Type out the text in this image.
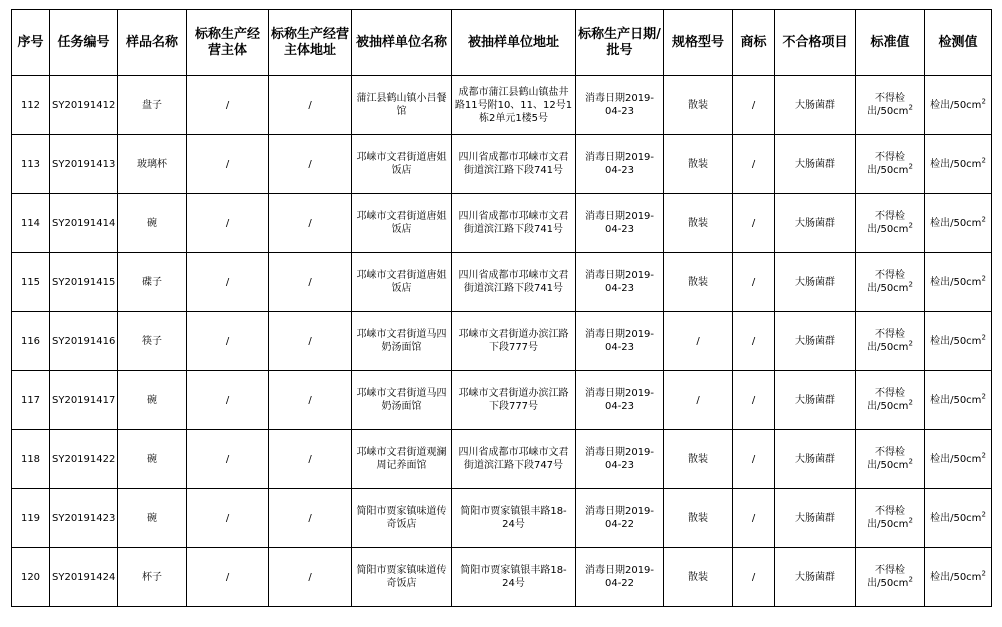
序号	任务编号	样品名称	标称生产经营主体	标称生产经营主体地址	被抽样单位名称	被抽样单位地址	标称生产日期/批号	规格型号	商标	不合格项目	标准值	检测值
112	SY20191412	盘子	/	/	蒲江县鹤山镇小吕餐馆	成都市蒲江县鹤山镇盐井路11号附10、11、12号1栋2单元1楼5号	消毒日期2019-04-23	散装	/	大肠菌群	不得检出$/50cm^2$	检出$/50cm^2$
113	SY20191413	玻璃杯	/	/	邛崃市文君街道唐姐饭店	四川省成都市邛崃市文君街道滨江路下段741号	消毒日期2019-04-23	散装	/	大肠菌群	不得检出$/50cm^2$	检出$/50cm^2$
114	SY20191414	碗	/	/	邛崃市文君街道唐姐饭店	四川省成都市邛崃市文君街道滨江路下段741号	消毒日期2019-04-23	散装	/	大肠菌群	不得检出$/50cm^2$	检出$/50cm^2$
115	SY20191415	碟子	/	/	邛崃市文君街道唐姐饭店	四川省成都市邛崃市文君街道滨江路下段741号	消毒日期2019-04-23	散装	/	大肠菌群	不得检出$/50cm^2$	检出$/50cm^2$
116	SY20191416	筷子	/	/	邛崃市文君街道马四奶汤面馆	邛崃市文君街道办滨江路下段777号	消毒日期2019-04-23	/	/	大肠菌群	不得检出$/50cm^2$	检出$/50cm^2$
117	SY20191417	碗	/	/	邛崃市文君街道马四奶汤面馆	邛崃市文君街道办滨江路下段777号	消毒日期2019-04-23	/	/	大肠菌群	不得检出$/50cm^2$	检出$/50cm^2$
118	SY20191422	碗	/	/	邛崃市文君街道观澜周记养面馆	四川省成都市邛崃市文君街道滨江路下段747号	消毒日期2019-04-23	散装	/	大肠菌群	不得检出$/50cm^2$	检出$/50cm^2$
119	SY20191423	碗	/	/	简阳市贾家镇味道传奇饭店	简阳市贾家镇银丰路18-24号	消毒日期2019-04-22	散装	/	大肠菌群	不得检出$/50cm^2$	检出$/50cm^2$
120	SY20191424	杯子	/	/	简阳市贾家镇味道传奇饭店	简阳市贾家镇银丰路18-24号	消毒日期2019-04-22	散装	/	大肠菌群	不得检出$/50cm^2$	检出$/50cm^2$
